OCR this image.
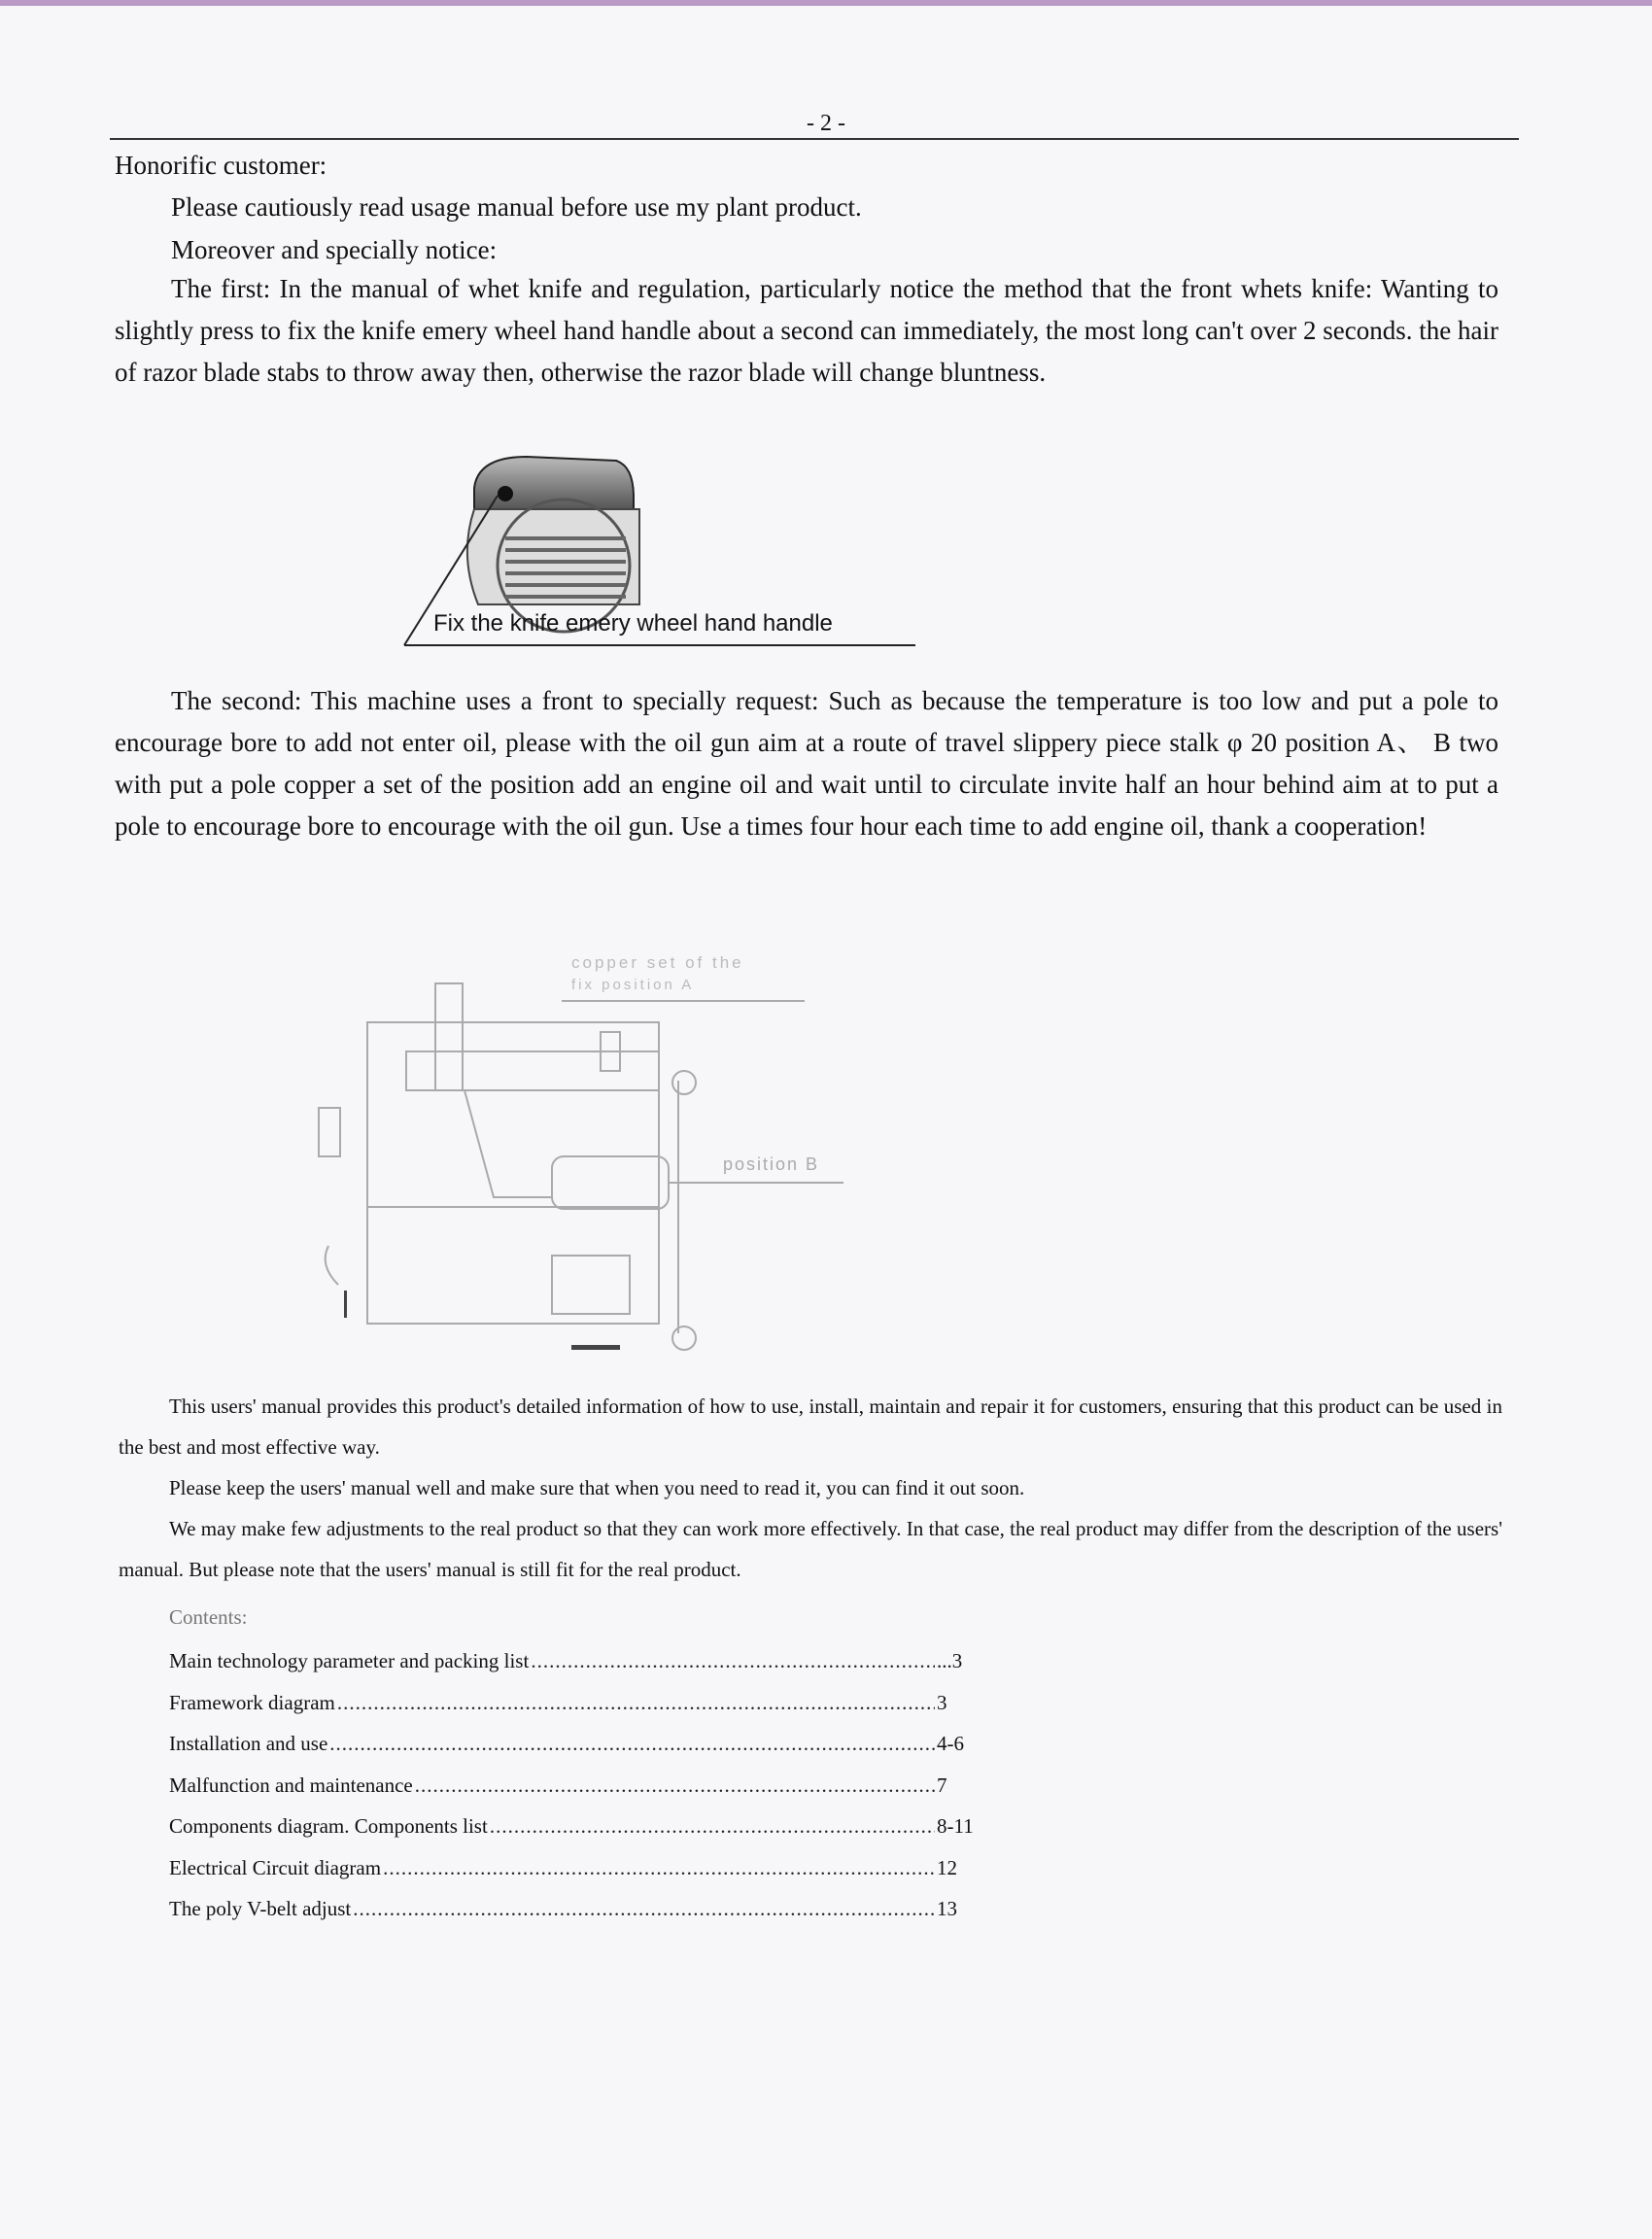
- 2 -

Honorific customer:

Please cautiously read usage manual before use my plant product.

Moreover and specially notice:

The first: In the manual of whet knife and regulation, particularly notice the method that the front whets knife: Wanting to slightly press to fix the knife emery wheel hand handle about a second can immediately, the most long can't over 2 seconds. the hair of razor blade stabs to throw away then, otherwise the razor blade will change bluntness.

Fix the knife emery wheel hand handle

The second: This machine uses a front to specially request: Such as because the temperature is too low and put a pole to encourage bore to add not enter oil, please with the oil gun aim at a route of travel slippery piece stalk φ 20 position A、 B two with put a pole copper a set of the position add an engine oil and wait until to circulate invite half an hour behind aim at to put a pole to encourage bore to encourage with the oil gun. Use a times four hour each time to add engine oil, thank a cooperation!

copper set of the
fix position A
position B

This users' manual provides this product's detailed information of how to use, install, maintain and repair it for customers, ensuring that this product can be used in the best and most effective way.

Please keep the users' manual well and make sure that when you need to read it, you can find it out soon.

We may make few adjustments to the real product so that they can work more effectively. In that case, the real product may differ from the description of the users' manual. But please note that the users' manual is still fit for the real product.

Contents:
Main technology parameter and packing list .....	...3
Framework diagram .....	3
Installation and use .....	4-6
Malfunction and maintenance .....	7
Components diagram. Components list .....	8-11
Electrical Circuit diagram .....	12
The poly V-belt adjust .....	13
